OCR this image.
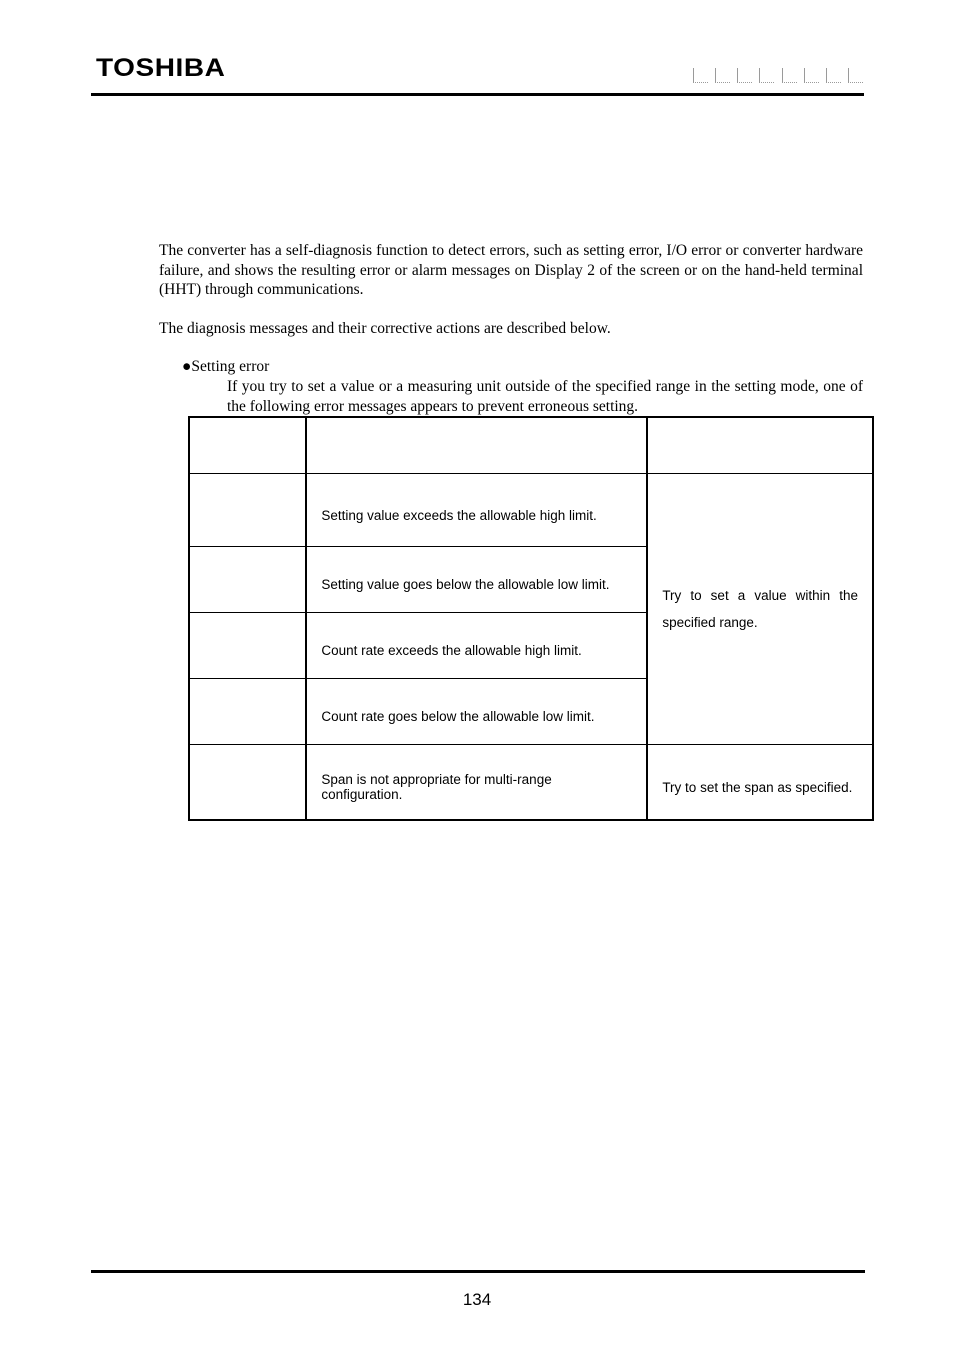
TOSHIBA
The converter has a self-diagnosis function to detect errors, such as setting error, I/O error or converter hardware failure, and shows the resulting error or alarm messages on Display 2 of the screen or on the hand-held terminal (HHT) through communications.
The diagnosis messages and their corrective actions are described below.
●Setting error
If you try to set a value or a measuring unit outside of the specified range in the setting mode, one of the following error messages appears to prevent erroneous setting.

	Setting value exceeds the allowable high limit.	Try to set a value within the specified range.
	Setting value goes below the allowable low limit.	
	Count rate exceeds the allowable high limit.	
	Count rate goes below the allowable low limit.	
	Span is not appropriate for multi-range configuration.	Try to set the span as specified.
134
